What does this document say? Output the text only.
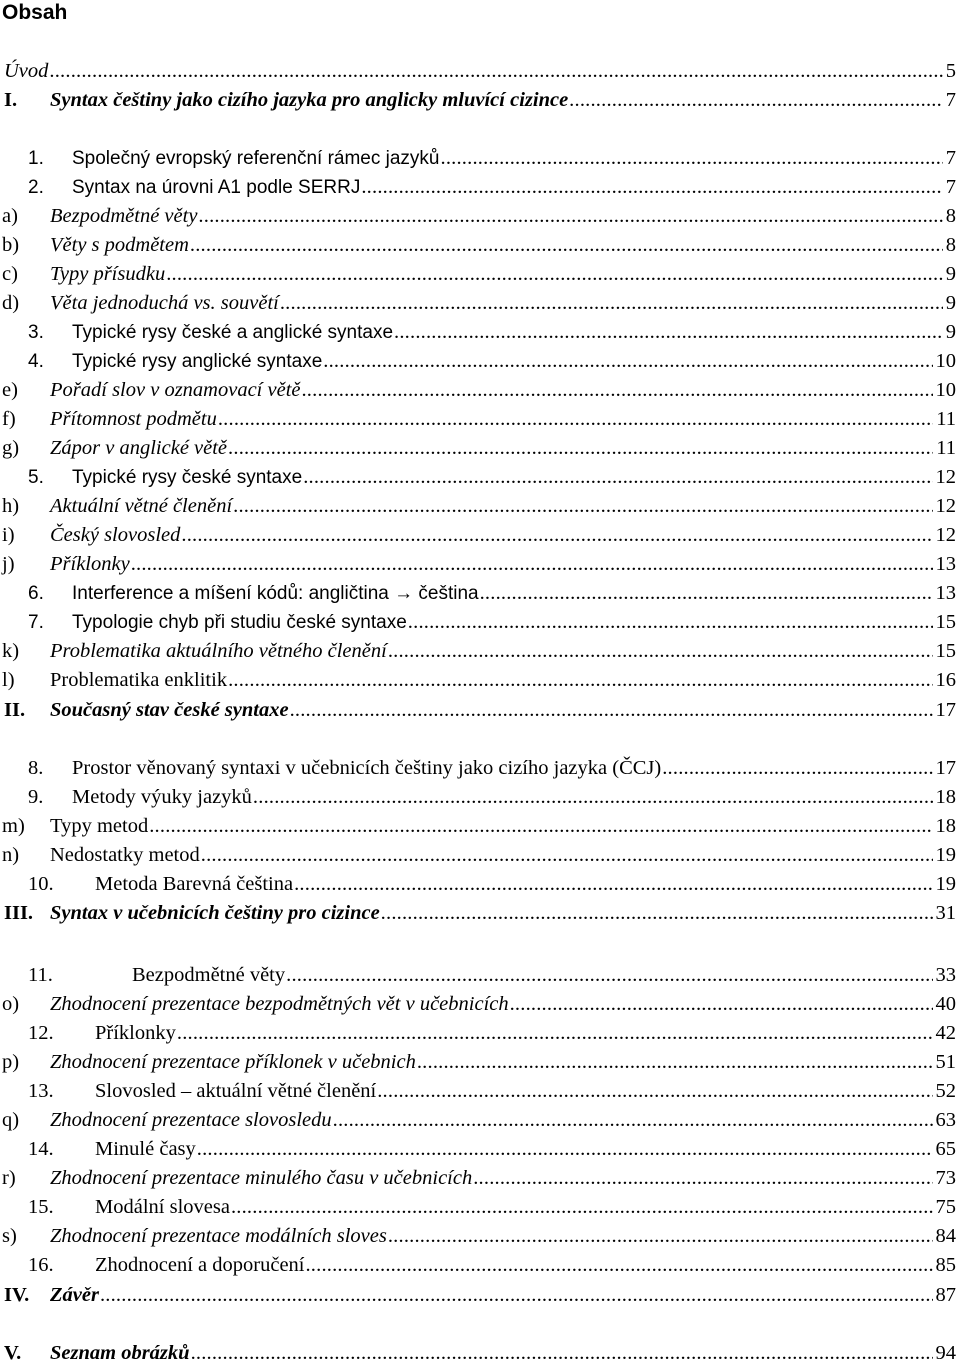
Obsah
Úvod .....	5
I.	Syntax češtiny jako cizího jazyka pro anglicky mluvící cizince .....	7
1.	Společný evropský referenční rámec jazyků .....	7
2.	Syntax na úrovni A1 podle SERRJ .....	7
a)	Bezpodmětné věty .....	8
b)	Věty s podmětem .....	8
c)	Typy přísudku .....	9
d)	Věta jednoduchá vs. souvětí .....	9
3.	Typické rysy české a anglické syntaxe .....	9
4.	Typické rysy anglické syntaxe .....	10
e)	Pořadí slov v oznamovací větě .....	10
f)	Přítomnost podmětu .....	11
g)	Zápor v anglické větě .....	11
5.	Typické rysy české syntaxe .....	12
h)	Aktuální větné členění .....	12
i)	Český slovosled .....	12
j)	Příklonky .....	13
6.	Interference a míšení kódů: angličtina → čeština .....	13
7.	Typologie chyb při studiu české syntaxe .....	15
k)	Problematika aktuálního větného členění .....	15
l)	Problematika enklitik .....	16
II.	Současný stav české syntaxe .....	17
8.	Prostor věnovaný syntaxi v učebnicích češtiny jako cizího jazyka (ČCJ) .....	17
9.	Metody výuky jazyků .....	18
m)	Typy metod .....	18
n)	Nedostatky metod .....	19
10.	Metoda Barevná čeština .....	19
III. Syntax v učebnicích češtiny pro cizince .....	31
11.	Bezpodmětné věty .....	33
o)	Zhodnocení prezentace bezpodmětných vět v učebnicích .....	40
12.	Příklonky .....	42
p)	Zhodnocení prezentace příklonek v učebnich .....	51
13.	Slovosled – aktuální větné členění .....	52
q)	Zhodnocení prezentace slovosledu .....	63
14.	Minulé časy .....	65
r)	Zhodnocení prezentace minulého času v učebnicích .....	73
15.	Modální slovesa .....	75
s)	Zhodnocení prezentace modálních sloves .....	84
16.	Zhodnocení a doporučení .....	85
IV.	Závěr .....	87
V.	Seznam obrázků .....	94
